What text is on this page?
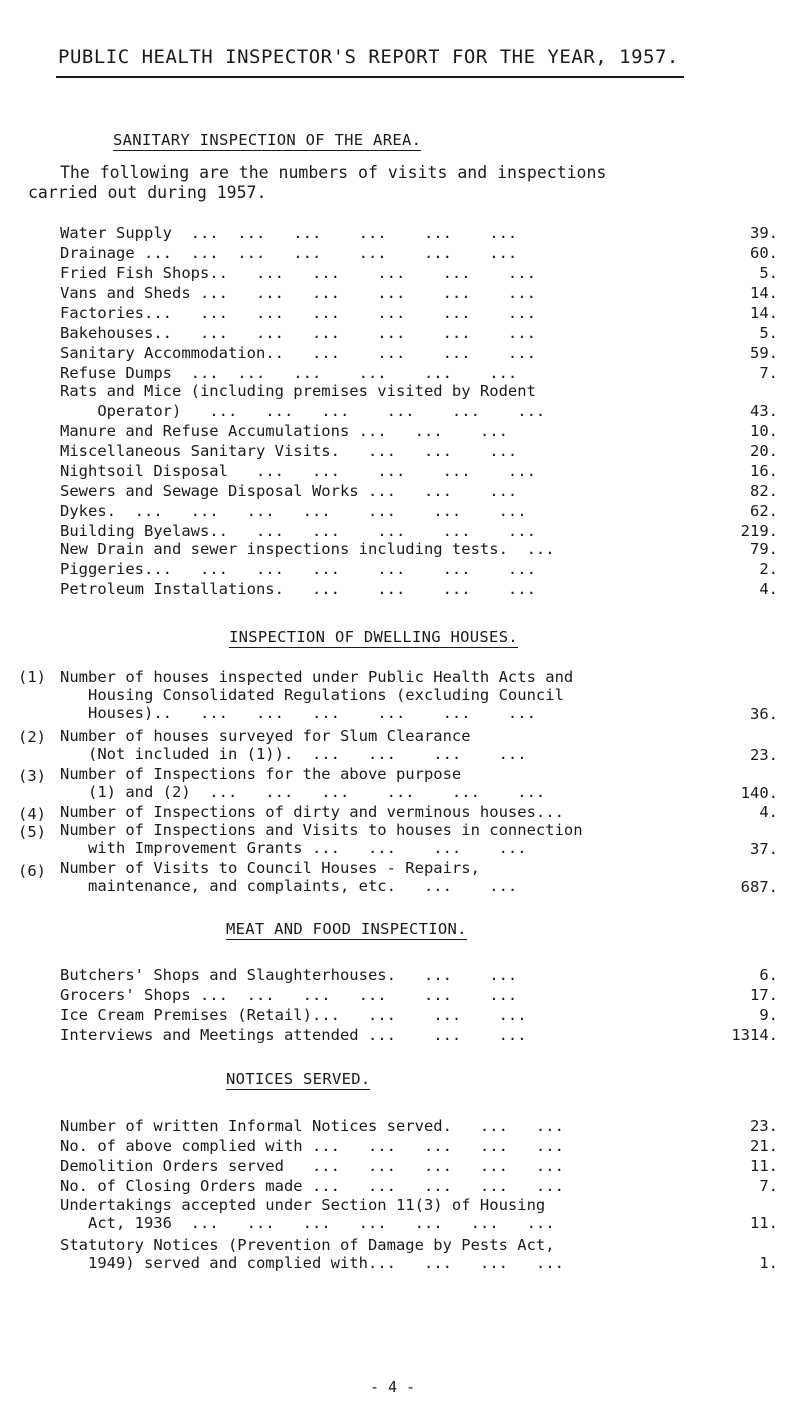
PUBLIC HEALTH INSPECTOR'S REPORT FOR THE YEAR, 1957.
SANITARY INSPECTION OF THE AREA.
The following are the numbers of visits and inspections
carried out during 1957.
Water Supply  ...  ...   ...    ...    ...    ...	39.
Drainage ...  ...  ...   ...    ...    ...    ...	60.
Fried Fish Shops..   ...   ...    ...    ...    ...	5.
Vans and Sheds ...   ...   ...    ...    ...    ...	14.
Factories...   ...   ...   ...    ...    ...    ...	14.
Bakehouses..   ...   ...   ...    ...    ...    ...	5.
Sanitary Accommodation..   ...    ...    ...    ...	59.
Refuse Dumps  ...  ...   ...    ...    ...    ...	7.
Rats and Mice (including premises visited by Rodent
Operator)   ...   ...   ...    ...    ...    ...	43.
Manure and Refuse Accumulations ...   ...    ...	10.
Miscellaneous Sanitary Visits.   ...   ...    ...	20.
Nightsoil Disposal   ...   ...    ...    ...    ...	16.
Sewers and Sewage Disposal Works ...   ...    ...	82.
Dykes.  ...   ...   ...   ...    ...    ...    ...	62.
Building Byelaws..   ...   ...    ...    ...    ...	219.
New Drain and sewer inspections including tests.  ...	79.
Piggeries...   ...   ...   ...    ...    ...    ...	2.
Petroleum Installations.   ...    ...    ...    ...	4.
INSPECTION OF DWELLING HOUSES.
(1) Number of houses inspected under Public Health Acts and
Housing Consolidated Regulations (excluding Council
Houses)..   ...   ...   ...    ...    ...    ...	36.
(2) Number of houses surveyed for Slum Clearance
(Not included in (1)).  ...   ...    ...    ...	23.
(3) Number of Inspections for the above purpose
(1) and (2)  ...   ...   ...    ...    ...    ...	140.
(4) Number of Inspections of dirty and verminous houses...	4.
(5) Number of Inspections and Visits to houses in connection
with Improvement Grants ...   ...    ...    ...	37.
(6) Number of Visits to Council Houses - Repairs,
maintenance, and complaints, etc.   ...    ...	687.
MEAT AND FOOD INSPECTION.
Butchers' Shops and Slaughterhouses.   ...    ...	6.
Grocers' Shops ...  ...   ...   ...    ...    ...	17.
Ice Cream Premises (Retail)...   ...    ...    ...	9.
Interviews and Meetings attended ...    ...    ...	1314.
NOTICES SERVED.
Number of written Informal Notices served.   ...   ...	23.
No. of above complied with ...   ...   ...   ...   ...	21.
Demolition Orders served   ...   ...   ...   ...   ...	11.
No. of Closing Orders made ...   ...   ...   ...   ...	7.
Undertakings accepted under Section 11(3) of Housing
Act, 1936  ...   ...   ...   ...   ...   ...   ...	11.
Statutory Notices (Prevention of Damage by Pests Act,
1949) served and complied with...   ...   ...   ...	1.
- 4 -
